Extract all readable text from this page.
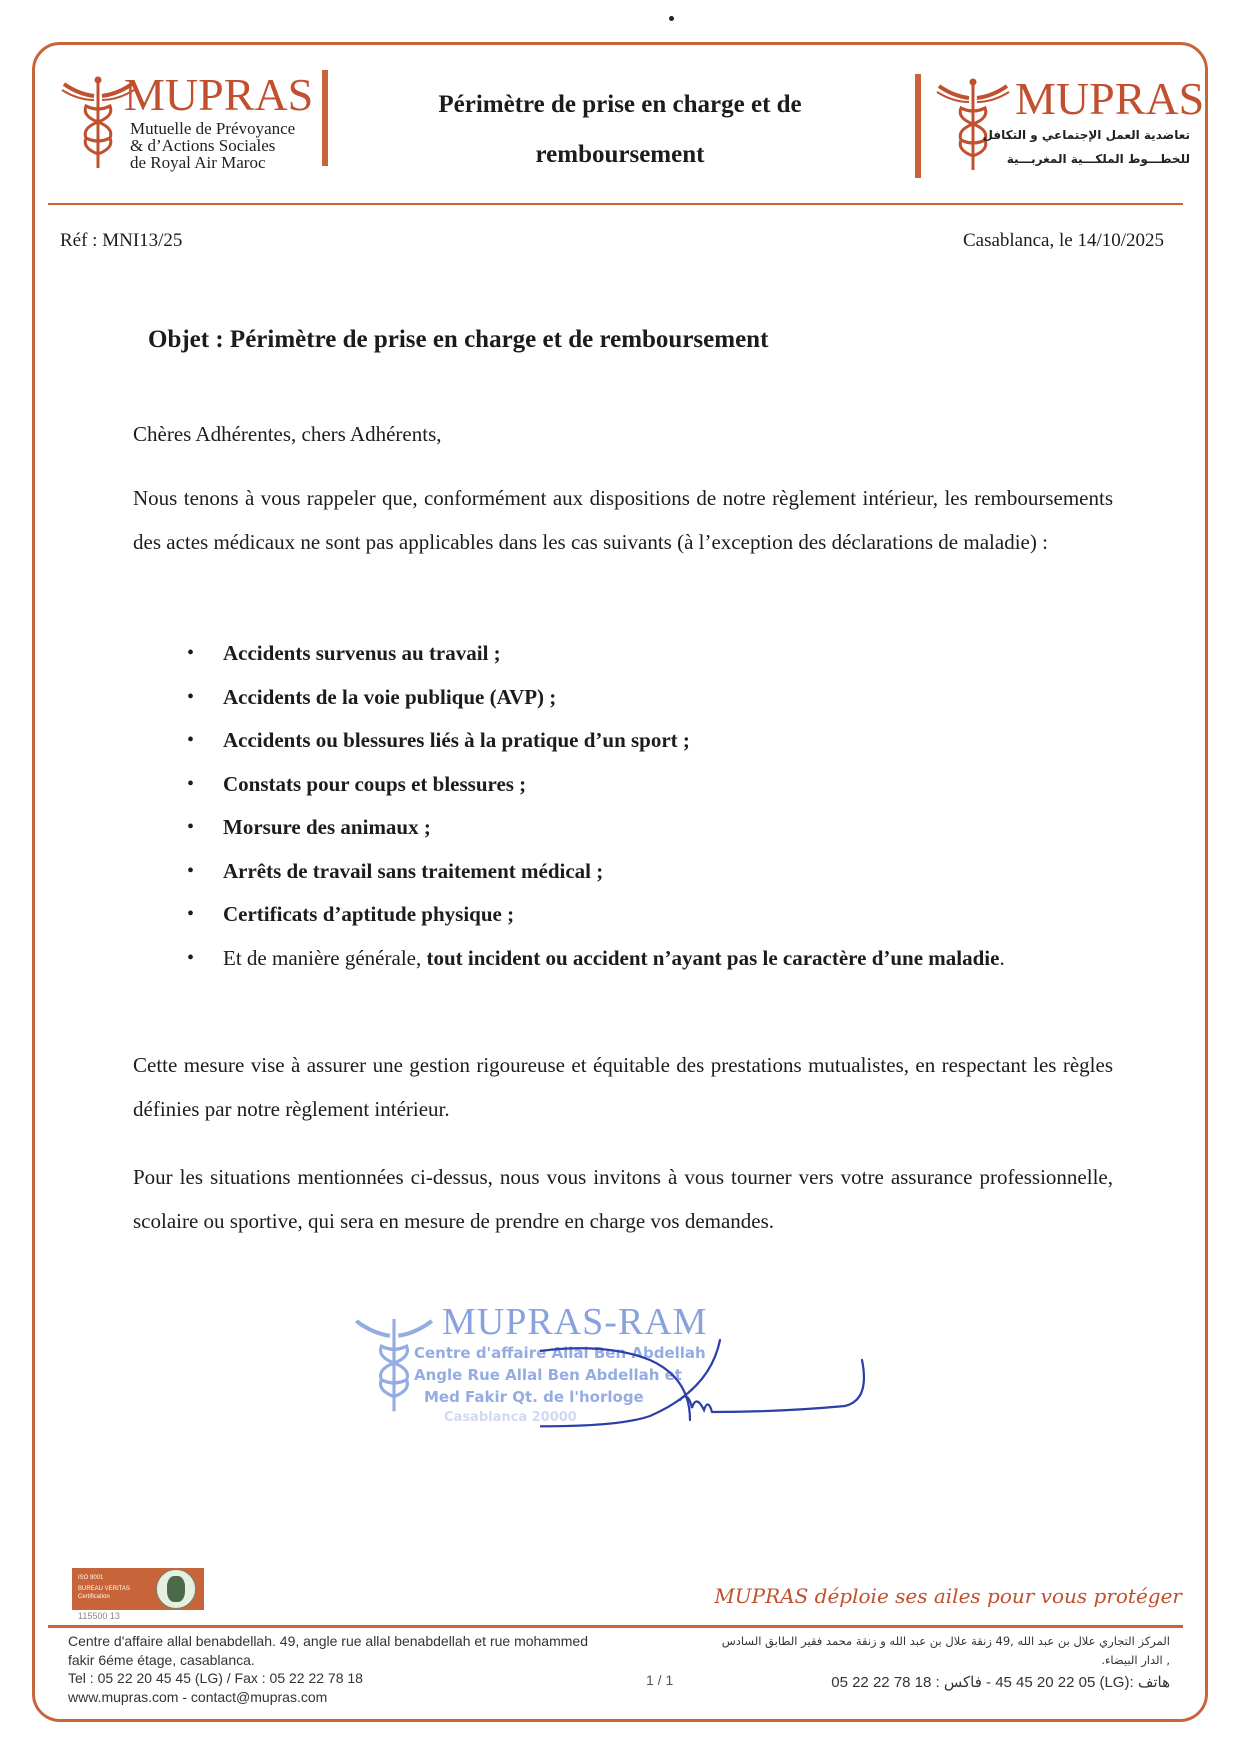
MUPRAS
Mutuelle de Prévoyance
& d’Actions Sociales
de Royal Air Maroc
Périmètre de prise en charge et de
remboursement
MUPRAS
تعاضدية العمل الإجتماعي و التكافل
للخطـــوط الملكـــية المغربـــية
Réf : MNI13/25	Casablanca, le 14/10/2025
Objet : Périmètre de prise en charge et de remboursement
Chères Adhérentes, chers Adhérents,
Nous tenons à vous rappeler que, conformément aux dispositions de notre règlement intérieur, les remboursements des actes médicaux ne sont pas applicables dans les cas suivants (à l’exception des déclarations de maladie) :
• Accidents survenus au travail ;
• Accidents de la voie publique (AVP) ;
• Accidents ou blessures liés à la pratique d’un sport ;
• Constats pour coups et blessures ;
• Morsure des animaux ;
• Arrêts de travail sans traitement médical ;
• Certificats d’aptitude physique ;
• Et de manière générale, tout incident ou accident n’ayant pas le caractère d’une maladie.
Cette mesure vise à assurer une gestion rigoureuse et équitable des prestations mutualistes, en respectant les règles définies par notre règlement intérieur.
Pour les situations mentionnées ci-dessus, nous vous invitons à vous tourner vers votre assurance professionnelle, scolaire ou sportive, qui sera en mesure de prendre en charge vos demandes.
MUPRAS-RAM
Centre d'affaire Allal Ben Abdellah
Angle Rue Allal Ben Abdellah et
Med Fakir Qt. de l'horloge
Casablanca 20000
ISO 9001
BUREAU VERITAS
Certification
115500 13
MUPRAS déploie ses ailes pour vous protéger
Centre d'affaire allal benabdellah. 49, angle rue allal benabdellah et rue mohammed
fakir 6éme étage, casablanca.
Tel : 05 22 20 45 45 (LG) / Fax : 05 22 22 78 18
www.mupras.com - contact@mupras.com
1 / 1
المركز التجاري علال بن عبد الله ,49 زنقة علال بن عبد الله و زنقة محمد فقير الطابق السادس
, الدار البيضاء.
هاتف :(LG) 45 45 20 22 05 - فاكس : 18 78 22 22 05
